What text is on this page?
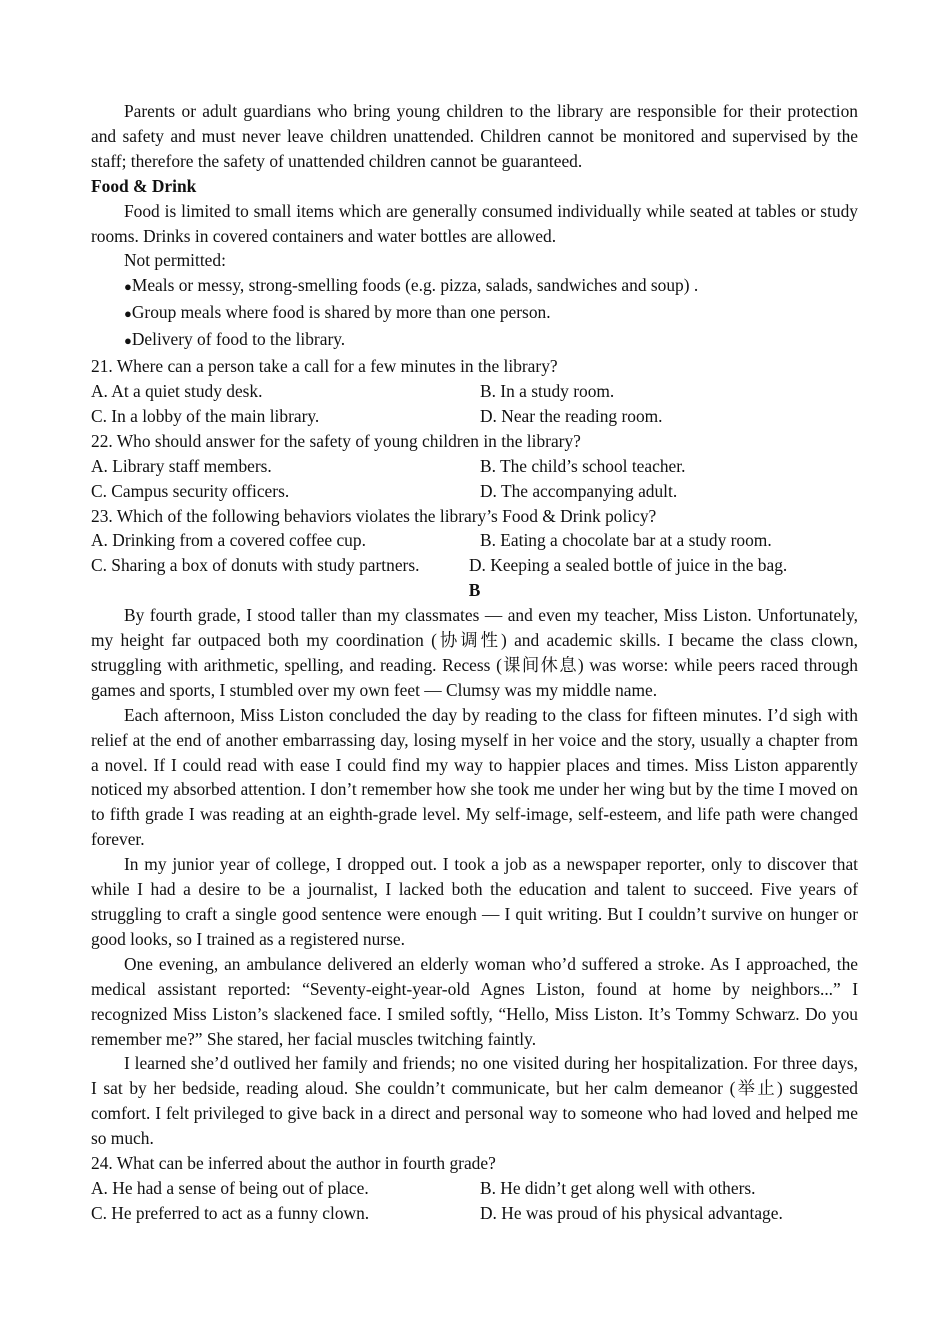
Parents or adult guardians who bring young children to the library are responsible for their protection and safety and must never leave children unattended. Children cannot be monitored and supervised by the staff; therefore the safety of unattended children cannot be guaranteed.

Food & Drink

Food is limited to small items which are generally consumed individually while seated at tables or study rooms. Drinks in covered containers and water bottles are allowed.

Not permitted:

● Meals or messy, strong-smelling foods (e.g. pizza, salads, sandwiches and soup) .

● Group meals where food is shared by more than one person.

● Delivery of food to the library.

21. Where can a person take a call for a few minutes in the library?

A. At a quiet study desk.	B. In a study room.
C. In a lobby of the main library.	D. Near the reading room.

22. Who should answer for the safety of young children in the library?

A. Library staff members.	B. The child’s school teacher.
C. Campus security officers.	D. The accompanying adult.

23. Which of the following behaviors violates the library’s Food & Drink policy?

A. Drinking from a covered coffee cup.	B. Eating a chocolate bar at a study room.
C. Sharing a box of donuts with study partners.	D. Keeping a sealed bottle of juice in the bag.

B

By fourth grade, I stood taller than my classmates — and even my teacher, Miss Liston. Unfortunately, my height far outpaced both my coordination (协调性) and academic skills. I became the class clown, struggling with arithmetic, spelling, and reading. Recess (课间休息) was worse: while peers raced through games and sports, I stumbled over my own feet — Clumsy was my middle name.

Each afternoon, Miss Liston concluded the day by reading to the class for fifteen minutes. I’d sigh with relief at the end of another embarrassing day, losing myself in her voice and the story, usually a chapter from a novel. If I could read with ease I could find my way to happier places and times. Miss Liston apparently noticed my absorbed attention. I don’t remember how she took me under her wing but by the time I moved on to fifth grade I was reading at an eighth-grade level. My self-image, self-esteem, and life path were changed forever.

In my junior year of college, I dropped out. I took a job as a newspaper reporter, only to discover that while I had a desire to be a journalist, I lacked both the education and talent to succeed. Five years of struggling to craft a single good sentence were enough — I quit writing. But I couldn’t survive on hunger or good looks, so I trained as a registered nurse.

One evening, an ambulance delivered an elderly woman who’d suffered a stroke. As I approached, the medical assistant reported: “Seventy-eight-year-old Agnes Liston, found at home by neighbors...” I recognized Miss Liston’s slackened face. I smiled softly, “Hello, Miss Liston. It’s Tommy Schwarz. Do you remember me?” She stared, her facial muscles twitching faintly.

I learned she’d outlived her family and friends; no one visited during her hospitalization. For three days, I sat by her bedside, reading aloud. She couldn’t communicate, but her calm demeanor (举止) suggested comfort. I felt privileged to give back in a direct and personal way to someone who had loved and helped me so much.

24. What can be inferred about the author in fourth grade?

A. He had a sense of being out of place.	B. He didn’t get along well with others.
C. He preferred to act as a funny clown.	D. He was proud of his physical advantage.
